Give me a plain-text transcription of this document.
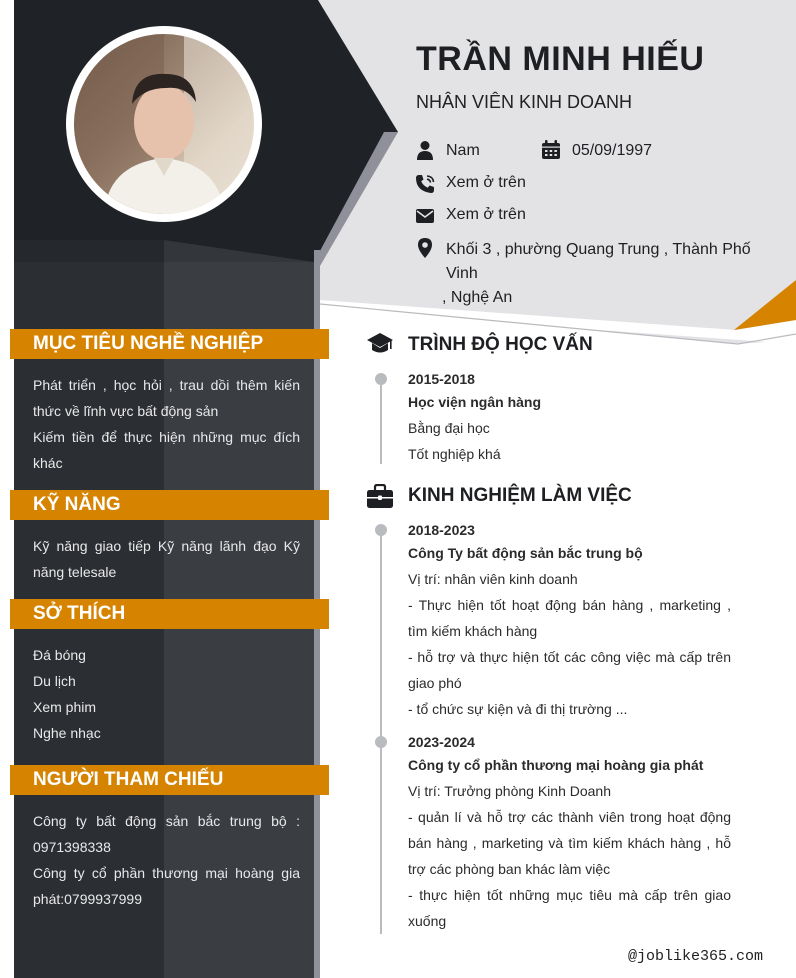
TRẦN MINH HIẾU
NHÂN VIÊN KINH DOANH
Nam	05/09/1997
Xem ở trên
Xem ở trên
Khối 3 , phường Quang Trung , Thành Phố Vinh
, Nghệ An
MỤC TIÊU NGHỀ NGHIỆP

Phát triển , học hỏi , trau dồi thêm kiến thức về lĩnh vực bất động sản

Kiếm tiền để thực hiện những mục đích khác

KỸ NĂNG

Kỹ năng giao tiếp Kỹ năng lãnh đạo Kỹ năng telesale

SỞ THÍCH

Đá bóng

Du lịch

Xem phim

Nghe nhạc

NGƯỜI THAM CHIẾU

Công ty bất động sản bắc trung bộ : 0971398338

Công ty cổ phần thương mại hoàng gia phát:0799937999

TRÌNH ĐỘ HỌC VẤN
2015-2018
Học viện ngân hàng

Bằng đại học

Tốt nghiệp khá

KINH NGHIỆM LÀM VIỆC
2018-2023
Công Ty bất động sản bắc trung bộ

Vị trí: nhân viên kinh doanh

- Thực hiện tốt hoạt động bán hàng , marketing , tìm kiếm khách hàng

- hỗ trợ và thực hiện tốt các công việc mà cấp trên giao phó

- tổ chức sự kiện và đi thị trường ...

2023-2024
Công ty cổ phần thương mại hoàng gia phát

Vị trí: Trưởng phòng Kinh Doanh

- quản lí và hỗ trợ các thành viên trong hoạt động bán hàng , marketing và tìm kiếm khách hàng , hỗ trợ các phòng ban khác làm việc

- thực hiện tốt những mục tiêu mà cấp trên giao xuống

@joblike365.com
